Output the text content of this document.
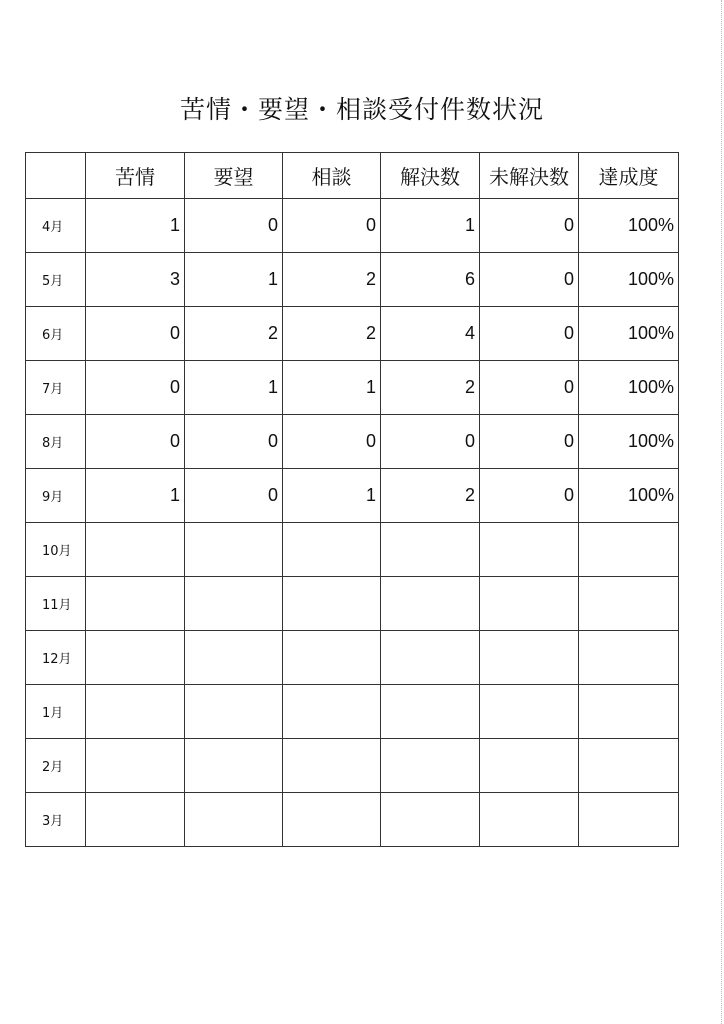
苦情・要望・相談受付件数状況
	苦情	要望	相談	解決数	未解決数	達成度
4月	1	0	0	1	0	100%
5月	3	1	2	6	0	100%
6月	0	2	2	4	0	100%
7月	0	1	1	2	0	100%
8月	0	0	0	0	0	100%
9月	1	0	1	2	0	100%
10月						
11月						
12月						
1月						
2月						
3月						
